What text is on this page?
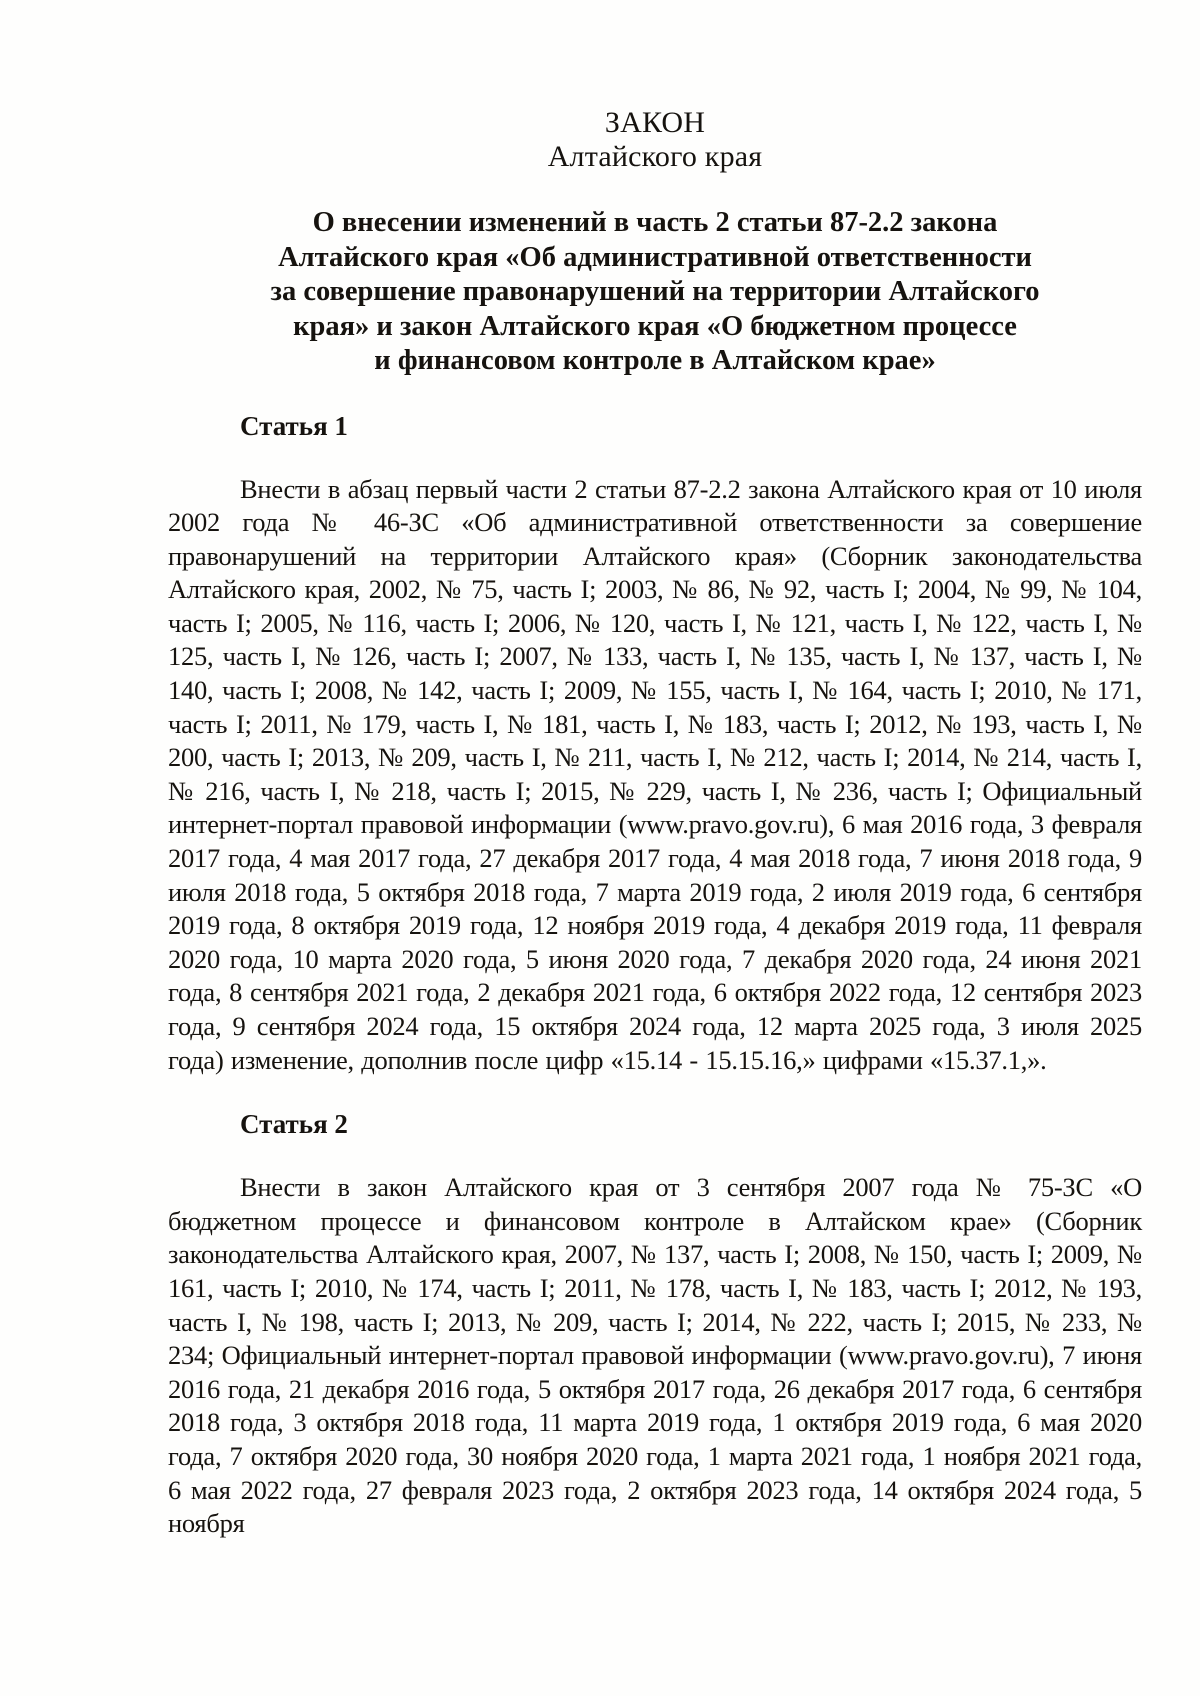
ЗАКОН
Алтайского края
О внесении изменений в часть 2 статьи 87-2.2 закона
Алтайского края «Об административной ответственности
за совершение правонарушений на территории Алтайского
края» и закон Алтайского края «О бюджетном процессе
и финансовом контроле в Алтайском крае»
Статья 1

Внести в абзац первый части 2 статьи 87-2.2 закона Алтайского края от 10 июля 2002 года № 46-ЗС «Об административной ответственности за совершение правонарушений на территории Алтайского края» (Сборник законодательства Алтайского края, 2002, № 75, часть I; 2003, № 86, № 92, часть I; 2004, № 99, № 104, часть I; 2005, № 116, часть I; 2006, № 120, часть I, № 121, часть I, № 122, часть I, № 125, часть I, № 126, часть I; 2007, № 133, часть I, № 135, часть I, № 137, часть I, № 140, часть I; 2008, № 142, часть I; 2009, № 155, часть I, № 164, часть I; 2010, № 171, часть I; 2011, № 179, часть I, № 181, часть I, № 183, часть I; 2012, № 193, часть I, № 200, часть I; 2013, № 209, часть I, № 211, часть I, № 212, часть I; 2014, № 214, часть I, № 216, часть I, № 218, часть I; 2015, № 229, часть I, № 236, часть I; Официальный интернет-портал правовой информации (www.pravo.gov.ru), 6 мая 2016 года, 3 февраля 2017 года, 4 мая 2017 года, 27 декабря 2017 года, 4 мая 2018 года, 7 июня 2018 года, 9 июля 2018 года, 5 октября 2018 года, 7 марта 2019 года, 2 июля 2019 года, 6 сентября 2019 года, 8 октября 2019 года, 12 ноября 2019 года, 4 декабря 2019 года, 11 февраля 2020 года, 10 марта 2020 года, 5 июня 2020 года, 7 декабря 2020 года, 24 июня 2021 года, 8 сентября 2021 года, 2 декабря 2021 года, 6 октября 2022 года, 12 сентября 2023 года, 9 сентября 2024 года, 15 октября 2024 года, 12 марта 2025 года, 3 июля 2025 года) изменение, дополнив после цифр «15.14 - 15.15.16,» цифрами «15.37.1,».

Статья 2

Внести в закон Алтайского края от 3 сентября 2007 года № 75-ЗС «О бюджетном процессе и финансовом контроле в Алтайском крае» (Сборник законодательства Алтайского края, 2007, № 137, часть I; 2008, № 150, часть I; 2009, № 161, часть I; 2010, № 174, часть I; 2011, № 178, часть I, № 183, часть I; 2012, № 193, часть I, № 198, часть I; 2013, № 209, часть I; 2014, № 222, часть I; 2015, № 233, № 234; Официальный интернет-портал правовой информации (www.pravo.gov.ru), 7 июня 2016 года, 21 декабря 2016 года, 5 октября 2017 года, 26 декабря 2017 года, 6 сентября 2018 года, 3 октября 2018 года, 11 марта 2019 года, 1 октября 2019 года, 6 мая 2020 года, 7 октября 2020 года, 30 ноября 2020 года, 1 марта 2021 года, 1 ноября 2021 года, 6 мая 2022 года, 27 февраля 2023 года, 2 октября 2023 года, 14 октября 2024 года, 5 ноября
